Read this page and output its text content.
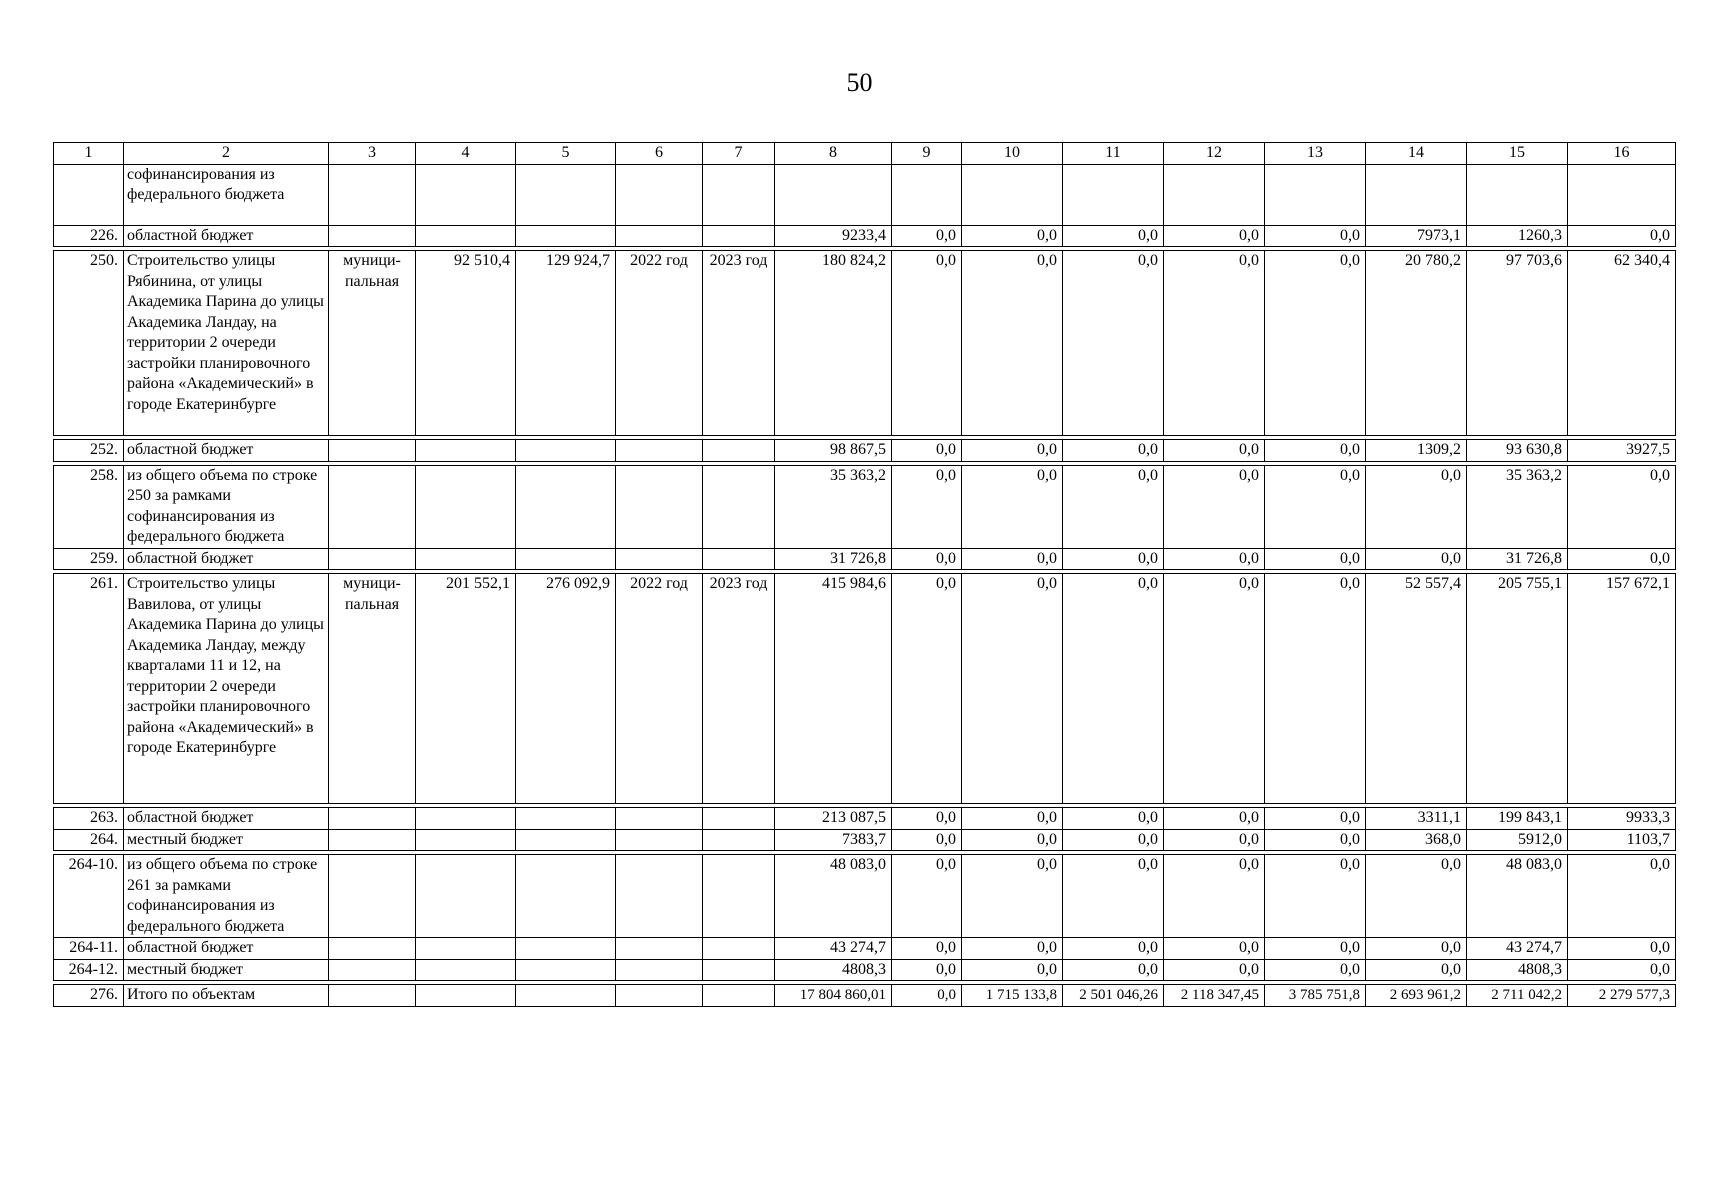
50
1	2	3	4	5	6	7	8	9	10	11	12	13	14	15	16
	софинансирования из федерального бюджета														
226.	областной бюджет						9233,4	0,0	0,0	0,0	0,0	0,0	7973,1	1260,3	0,0

250.	Строительство улицы Рябинина, от улицы Академика Парина до улицы Академика Ландау, на территории 2 очереди застройки планировочного района «Академический» в городе Екатеринбурге	муници-пальная	92 510,4	129 924,7	2022 год	2023 год	180 824,2	0,0	0,0	0,0	0,0	0,0	20 780,2	97 703,6	62 340,4

252.	областной бюджет						98 867,5	0,0	0,0	0,0	0,0	0,0	1309,2	93 630,8	3927,5

258.	из общего объема по строке 250 за рамками софинансирования из федерального бюджета						35 363,2	0,0	0,0	0,0	0,0	0,0	0,0	35 363,2	0,0
259.	областной бюджет						31 726,8	0,0	0,0	0,0	0,0	0,0	0,0	31 726,8	0,0

261.	Строительство улицы Вавилова, от улицы Академика Парина до улицы Академика Ландау, между кварталами 11 и 12, на территории 2 очереди застройки планировочного района «Академический» в городе Екатеринбурге	муници-пальная	201 552,1	276 092,9	2022 год	2023 год	415 984,6	0,0	0,0	0,0	0,0	0,0	52 557,4	205 755,1	157 672,1

263.	областной бюджет						213 087,5	0,0	0,0	0,0	0,0	0,0	3311,1	199 843,1	9933,3
264.	местный бюджет						7383,7	0,0	0,0	0,0	0,0	0,0	368,0	5912,0	1103,7

264-10.	из общего объема по строке 261 за рамками софинансирования из федерального бюджета						48 083,0	0,0	0,0	0,0	0,0	0,0	0,0	48 083,0	0,0
264-11.	областной бюджет						43 274,7	0,0	0,0	0,0	0,0	0,0	0,0	43 274,7	0,0
264-12.	местный бюджет						4808,3	0,0	0,0	0,0	0,0	0,0	0,0	4808,3	0,0

276.	Итого по объектам						17 804 860,01	0,0	1 715 133,8	2 501 046,26	2 118 347,45	3 785 751,8	2 693 961,2	2 711 042,2	2 279 577,3
